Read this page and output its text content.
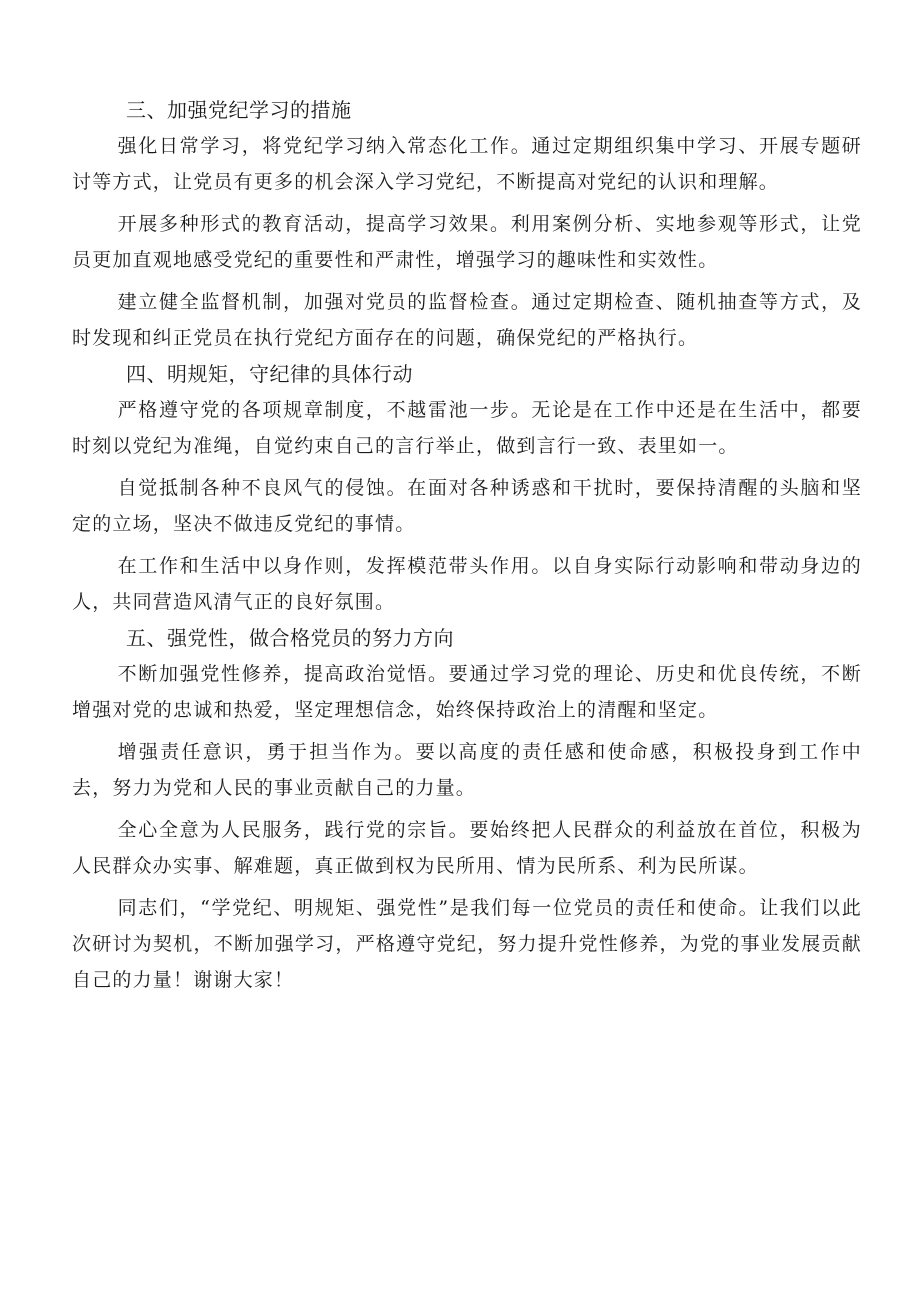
三、加强党纪学习的措施

强化日常学习，将党纪学习纳入常态化工作。通过定期组织集中学习、开展专题研讨等方式，让党员有更多的机会深入学习党纪，不断提高对党纪的认识和理解。

开展多种形式的教育活动，提高学习效果。利用案例分析、实地参观等形式，让党员更加直观地感受党纪的重要性和严肃性，增强学习的趣味性和实效性。

建立健全监督机制，加强对党员的监督检查。通过定期检查、随机抽查等方式，及时发现和纠正党员在执行党纪方面存在的问题，确保党纪的严格执行。

四、明规矩，守纪律的具体行动

严格遵守党的各项规章制度，不越雷池一步。无论是在工作中还是在生活中，都要时刻以党纪为准绳，自觉约束自己的言行举止，做到言行一致、表里如一。

自觉抵制各种不良风气的侵蚀。在面对各种诱惑和干扰时，要保持清醒的头脑和坚定的立场，坚决不做违反党纪的事情。

在工作和生活中以身作则，发挥模范带头作用。以自身实际行动影响和带动身边的人，共同营造风清气正的良好氛围。

五、强党性，做合格党员的努力方向

不断加强党性修养，提高政治觉悟。要通过学习党的理论、历史和优良传统，不断增强对党的忠诚和热爱，坚定理想信念，始终保持政治上的清醒和坚定。

增强责任意识，勇于担当作为。要以高度的责任感和使命感，积极投身到工作中去，努力为党和人民的事业贡献自己的力量。

全心全意为人民服务，践行党的宗旨。要始终把人民群众的利益放在首位，积极为人民群众办实事、解难题，真正做到权为民所用、情为民所系、利为民所谋。

同志们，“学党纪、明规矩、强党性”是我们每一位党员的责任和使命。让我们以此次研讨为契机，不断加强学习，严格遵守党纪，努力提升党性修养，为党的事业发展贡献自己的力量！谢谢大家！
